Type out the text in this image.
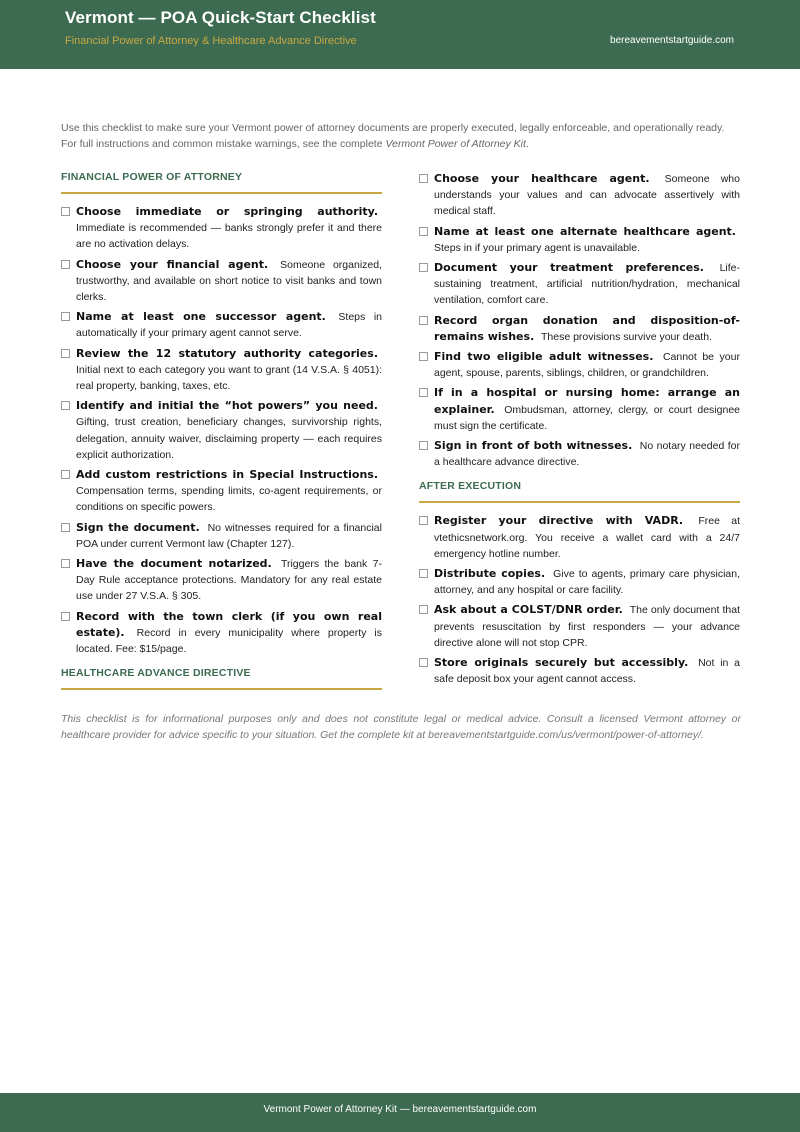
Vermont — POA Quick-Start Checklist
Financial Power of Attorney & Healthcare Advance Directive	bereavementstartguide.com
Use this checklist to make sure your Vermont power of attorney documents are properly executed, legally enforceable, and operationally ready. For full instructions and common mistake warnings, see the complete Vermont Power of Attorney Kit.
FINANCIAL POWER OF ATTORNEY
Choose immediate or springing authority. Immediate is recommended — banks strongly prefer it and there are no activation delays.
Choose your financial agent. Someone organized, trustworthy, and available on short notice to visit banks and town clerks.
Name at least one successor agent. Steps in automatically if your primary agent cannot serve.
Review the 12 statutory authority categories. Initial next to each category you want to grant (14 V.S.A. § 4051): real property, banking, taxes, etc.
Identify and initial the “hot powers” you need. Gifting, trust creation, beneficiary changes, survivorship rights, delegation, annuity waiver, disclaiming property — each requires explicit authorization.
Add custom restrictions in Special Instructions. Compensation terms, spending limits, co-agent requirements, or conditions on specific powers.
Sign the document. No witnesses required for a financial POA under current Vermont law (Chapter 127).
Have the document notarized. Triggers the bank 7-Day Rule acceptance protections. Mandatory for any real estate use under 27 V.S.A. § 305.
Record with the town clerk (if you own real estate). Record in every municipality where property is located. Fee: $15/page.
HEALTHCARE ADVANCE DIRECTIVE
Choose your healthcare agent. Someone who understands your values and can advocate assertively with medical staff.
Name at least one alternate healthcare agent. Steps in if your primary agent is unavailable.
Document your treatment preferences. Life-sustaining treatment, artificial nutrition/hydration, mechanical ventilation, comfort care.
Record organ donation and disposition-of-remains wishes. These provisions survive your death.
Find two eligible adult witnesses. Cannot be your agent, spouse, parents, siblings, children, or grandchildren.
If in a hospital or nursing home: arrange an explainer. Ombudsman, attorney, clergy, or court designee must sign the certificate.
Sign in front of both witnesses. No notary needed for a healthcare advance directive.
AFTER EXECUTION
Register your directive with VADR. Free at vtethicsnetwork.org. You receive a wallet card with a 24/7 emergency hotline number.
Distribute copies. Give to agents, primary care physician, attorney, and any hospital or care facility.
Ask about a COLST/DNR order. The only document that prevents resuscitation by first responders — your advance directive alone will not stop CPR.
Store originals securely but accessibly. Not in a safe deposit box your agent cannot access.
This checklist is for informational purposes only and does not constitute legal or medical advice. Consult a licensed Vermont attorney or healthcare provider for advice specific to your situation. Get the complete kit at bereavementstartguide.com/us/vermont/power-of-attorney/.
Vermont Power of Attorney Kit — bereavementstartguide.com
